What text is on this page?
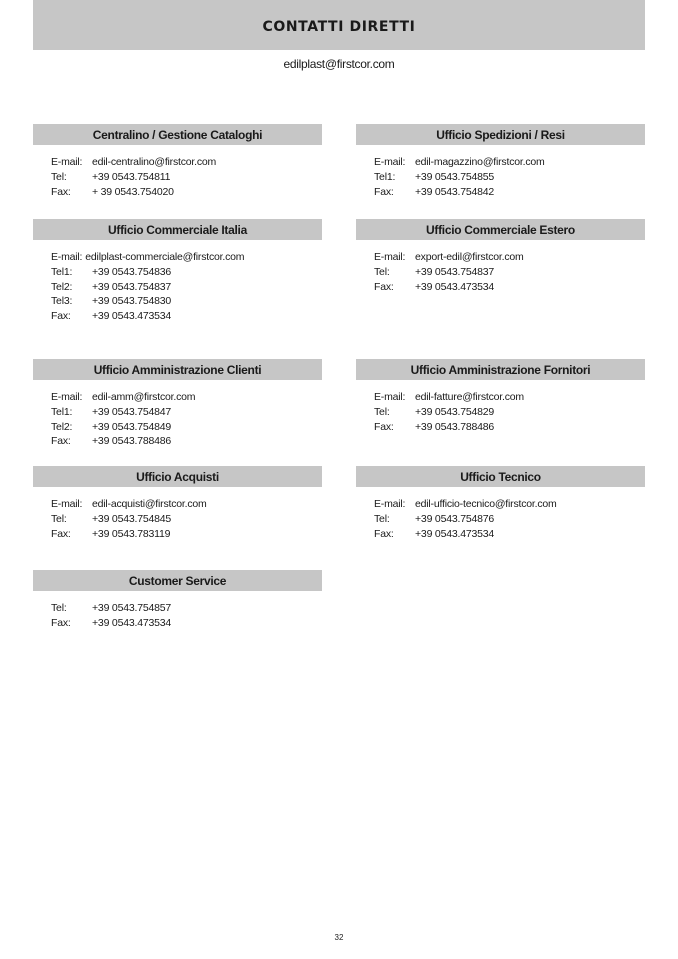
CONTATTI DIRETTI
edilplast@firstcor.com
Centralino / Gestione Cataloghi
E-mail: edil-centralino@firstcor.com
Tel:	+39 0543.754811
Fax:	+ 39 0543.754020
Ufficio Spedizioni / Resi
E-mail: edil-magazzino@firstcor.com
Tel1:	+39 0543.754855
Fax:	+39 0543.754842
Ufficio Commerciale Italia
E-mail: edilplast-commerciale@firstcor.com
Tel1:	+39 0543.754836
Tel2:	+39 0543.754837
Tel3:	+39 0543.754830
Fax:	+39 0543.473534
Ufficio Commerciale Estero
E-mail: export-edil@firstcor.com
Tel:	+39 0543.754837
Fax:	+39 0543.473534
Ufficio Amministrazione Clienti
E-mail: edil-amm@firstcor.com
Tel1:	+39 0543.754847
Tel2:	+39 0543.754849
Fax:	+39 0543.788486
Ufficio Amministrazione Fornitori
E-mail: edil-fatture@firstcor.com
Tel:	+39 0543.754829
Fax:	+39 0543.788486
Ufficio Acquisti
E-mail: edil-acquisti@firstcor.com
Tel:	+39 0543.754845
Fax:	+39 0543.783119
Ufficio Tecnico
E-mail: edil-ufficio-tecnico@firstcor.com
Tel:	+39 0543.754876
Fax:	+39 0543.473534
Customer Service
Tel:	+39 0543.754857
Fax:	+39 0543.473534
32
